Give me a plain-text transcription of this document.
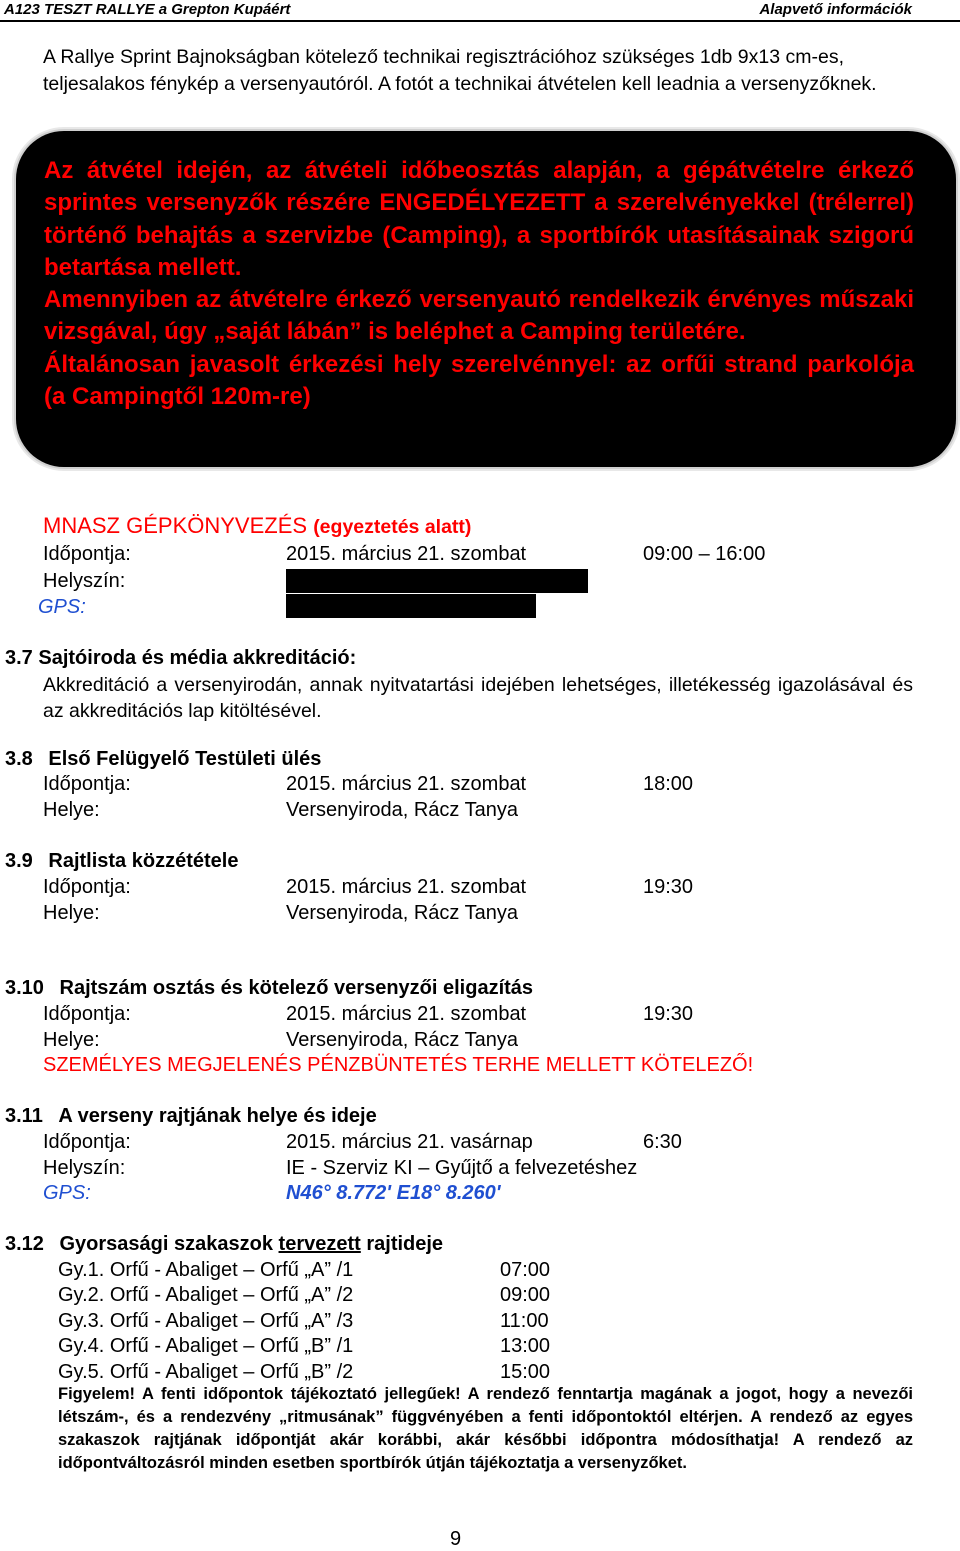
A123 TESZT RALLYE a Grepton Kupáért	Alapvető információk
A Rallye Sprint Bajnokságban kötelező technikai regisztrációhoz szükséges 1db 9x13 cm-es, teljesalakos fénykép a versenyautóról. A fotót a technikai átvételen kell leadnia a versenyzőknek.
Az átvétel idején, az átvételi időbeosztás alapján, a gépátvételre érkező sprintes versenyzők részére ENGEDÉLYEZETT a szerelvényekkel (trélerrel) történő behajtás a szervizbe (Camping), a sportbírók utasításainak szigorú betartása mellett.
Amennyiben az átvételre érkező versenyautó rendelkezik érvényes műszaki vizsgával, úgy „saját lábán” is beléphet a Camping területére.
Általánosan javasolt érkezési hely szerelvénnyel: az orfűi strand parkolója (a Campingtől 120m-re)
MNASZ GÉPKÖNYVEZÉS (egyeztetés alatt)
Időpontja:	2015. március 21. szombat	09:00 – 16:00
Helyszín:
GPS:
3.7 Sajtóiroda és média akkreditáció:
Akkreditáció a versenyirodán, annak nyitvatartási idejében lehetséges, illetékesség igazolásával és az akkreditációs lap kitöltésével.
3.8 Első Felügyelő Testületi ülés
Időpontja:	2015. március 21. szombat	18:00
Helye:	Versenyiroda, Rácz Tanya
3.9 Rajtlista közzététele
Időpontja:	2015. március 21. szombat	19:30
Helye:	Versenyiroda, Rácz Tanya
3.10 Rajtszám osztás és kötelező versenyzői eligazítás
Időpontja:	2015. március 21. szombat	19:30
Helye:	Versenyiroda, Rácz Tanya
SZEMÉLYES MEGJELENÉS PÉNZBÜNTETÉS TERHE MELLETT KÖTELEZŐ!
3.11 A verseny rajtjának helye és ideje
Időpontja:	2015. március 21. vasárnap	6:30
Helyszín:	IE - Szerviz KI – Gyűjtő a felvezetéshez
GPS:	N46° 8.772' E18° 8.260'
3.12 Gyorsasági szakaszok tervezett rajtideje
Gy.1. Orfű - Abaliget – Orfű „A” /1	07:00
Gy.2. Orfű - Abaliget – Orfű „A” /2	09:00
Gy.3. Orfű - Abaliget – Orfű „A” /3	11:00
Gy.4. Orfű - Abaliget – Orfű „B” /1	13:00
Gy.5. Orfű - Abaliget – Orfű „B” /2	15:00
Figyelem! A fenti időpontok tájékoztató jellegűek! A rendező fenntartja magának a jogot, hogy a nevezői létszám-, és a rendezvény „ritmusának” függvényében a fenti időpontoktól eltérjen. A rendező az egyes szakaszok rajtjának időpontját akár korábbi, akár későbbi időpontra módosíthatja! A rendező az időpontváltozásról minden esetben sportbírók útján tájékoztatja a versenyzőket.
9
